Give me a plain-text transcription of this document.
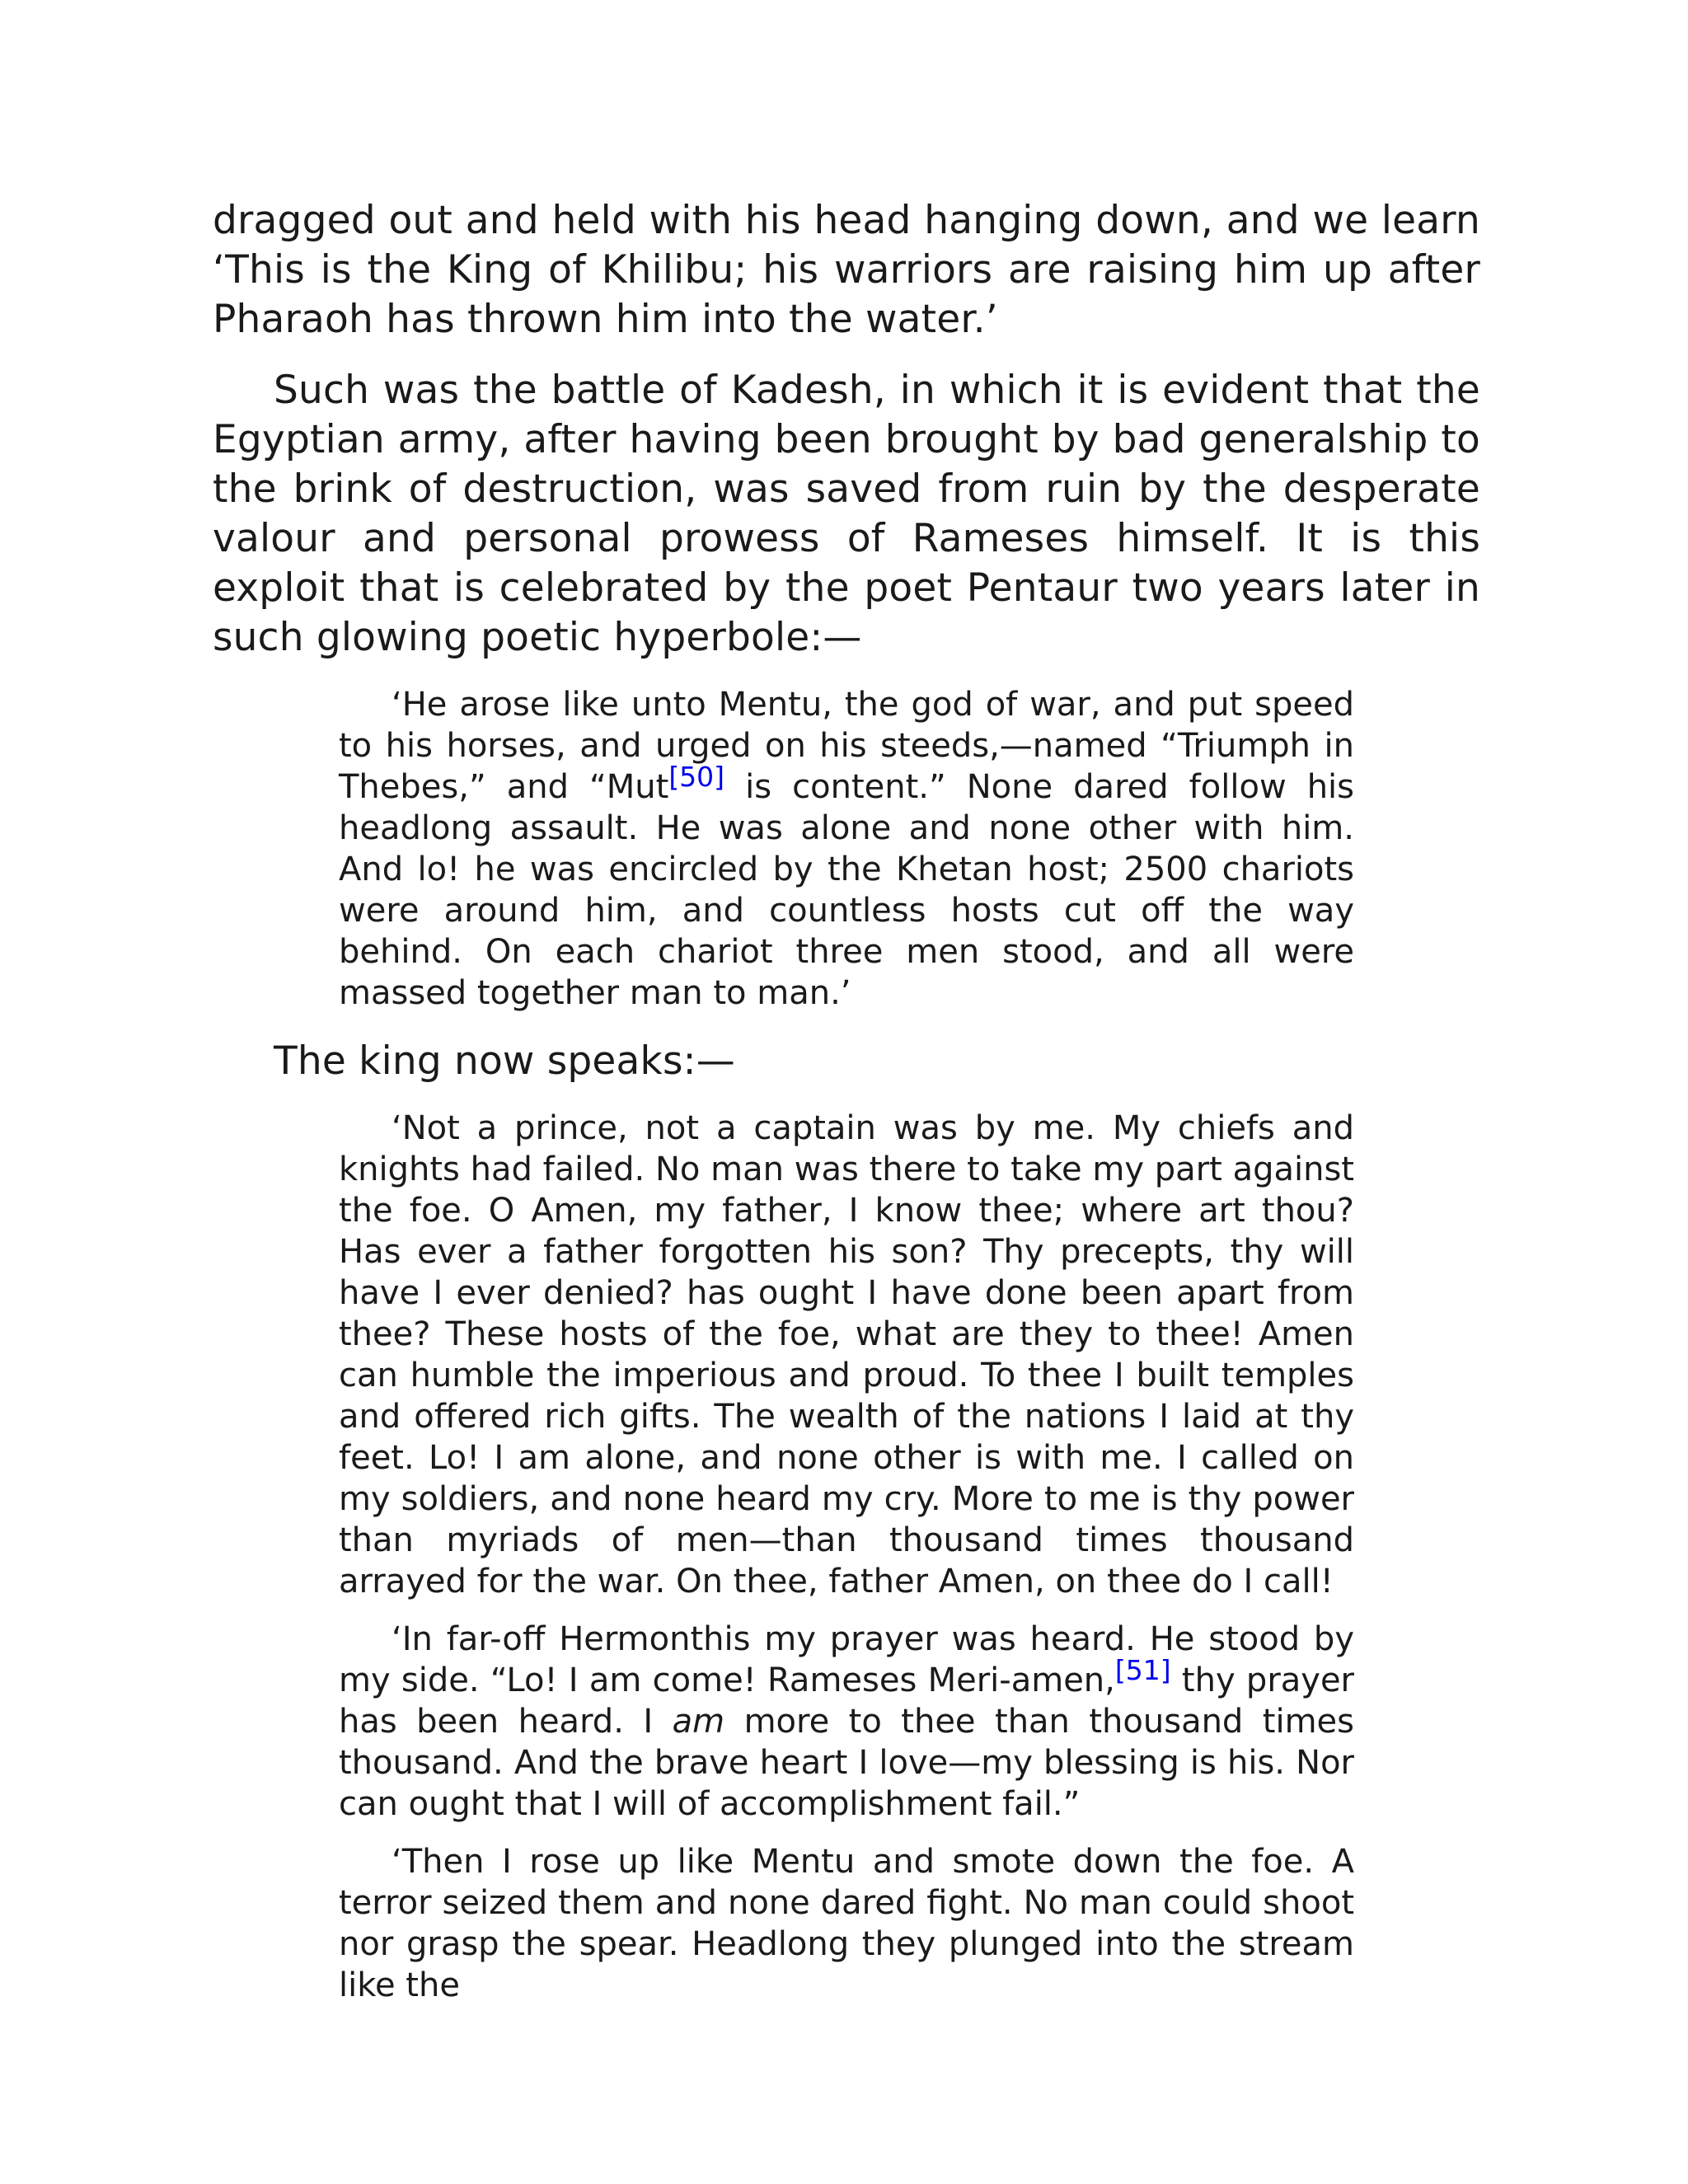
dragged out and held with his head hanging down, and we learn ‘This is the King of Khilibu; his warriors are raising him up after Pharaoh has thrown him into the water.’

Such was the battle of Kadesh, in which it is evident that the Egyptian army, after having been brought by bad generalship to the brink of destruction, was saved from ruin by the desperate valour and personal prowess of Rameses himself. It is this exploit that is celebrated by the poet Pentaur two years later in such glowing poetic hyperbole:—

‘He arose like unto Mentu, the god of war, and put speed to his horses, and urged on his steeds,—named “Triumph in Thebes,” and “Mut[50] is content.” None dared follow his headlong assault. He was alone and none other with him. And lo! he was encircled by the Khetan host; 2500 chariots were around him, and countless hosts cut off the way behind. On each chariot three men stood, and all were massed together man to man.’

The king now speaks:—

‘Not a prince, not a captain was by me. My chiefs and knights had failed. No man was there to take my part against the foe. O Amen, my father, I know thee; where art thou? Has ever a father forgotten his son? Thy precepts, thy will have I ever denied? has ought I have done been apart from thee? These hosts of the foe, what are they to thee! Amen can humble the imperious and proud. To thee I built temples and offered rich gifts. The wealth of the nations I laid at thy feet. Lo! I am alone, and none other is with me. I called on my soldiers, and none heard my cry. More to me is thy power than myriads of men—than thousand times thousand arrayed for the war. On thee, father Amen, on thee do I call!

‘In far-off Hermonthis my prayer was heard. He stood by my side. “Lo! I am come! Rameses Meri-amen,[51] thy prayer has been heard. I am more to thee than thousand times thousand. And the brave heart I love—my blessing is his. Nor can ought that I will of accomplishment fail.”

‘Then I rose up like Mentu and smote down the foe. A terror seized them and none dared fight. No man could shoot nor grasp the spear. Headlong they plunged into the stream like the
